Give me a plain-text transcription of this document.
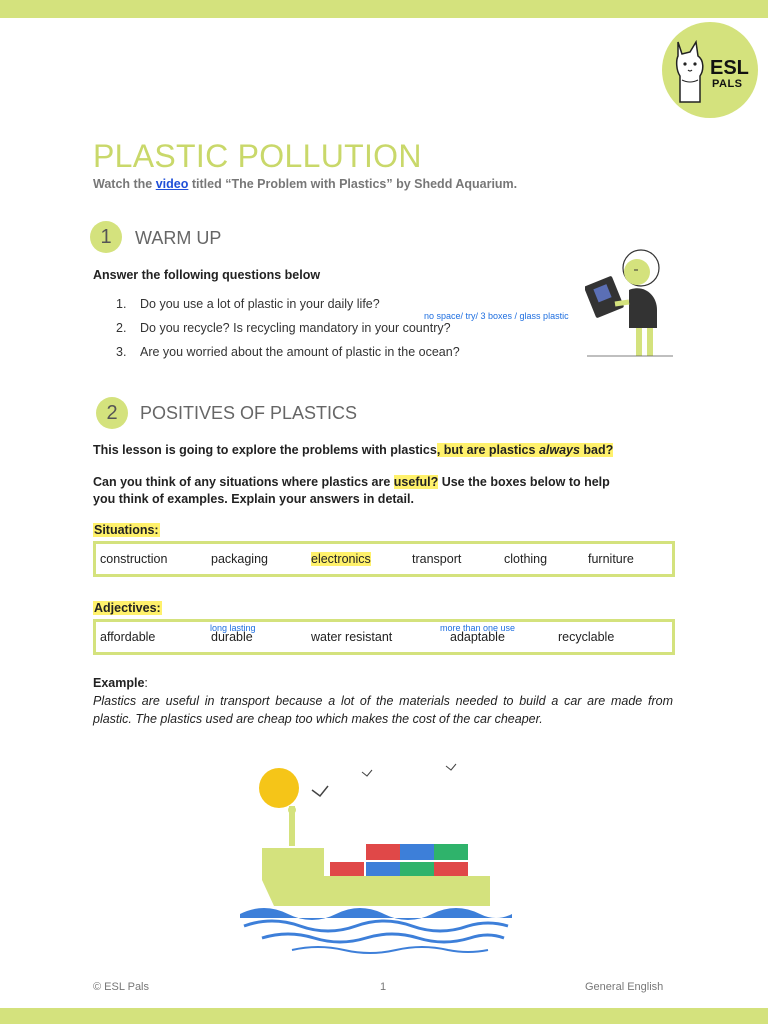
ESL
PALS
PLASTIC POLLUTION
Watch the video titled “The Problem with Plastics” by Shedd Aquarium.
1	WARM UP
Answer the following questions below
1. Do you use a lot of plastic in your daily life?
2. Do you recycle? Is recycling mandatory in your country?
3. Are you worried about the amount of plastic in the ocean?
no space/ try/ 3 boxes / glass plastic
2	POSITIVES OF PLASTICS
This lesson is going to explore the problems with plastics, but are plastics always bad?
Can you think of any situations where plastics are useful? Use the boxes below to help
you think of examples. Explain your answers in detail.
Situations:
construction	packaging	electronics	transport	clothing	furniture
Adjectives:
long lasting	more than one use
affordable	durable	water resistant	adaptable	recyclable
Example:
Plastics are useful in transport because a lot of the materials needed to build a car are made from plastic. The plastics used are cheap too which makes the cost of the car cheaper.
© ESL Pals	1	General English
